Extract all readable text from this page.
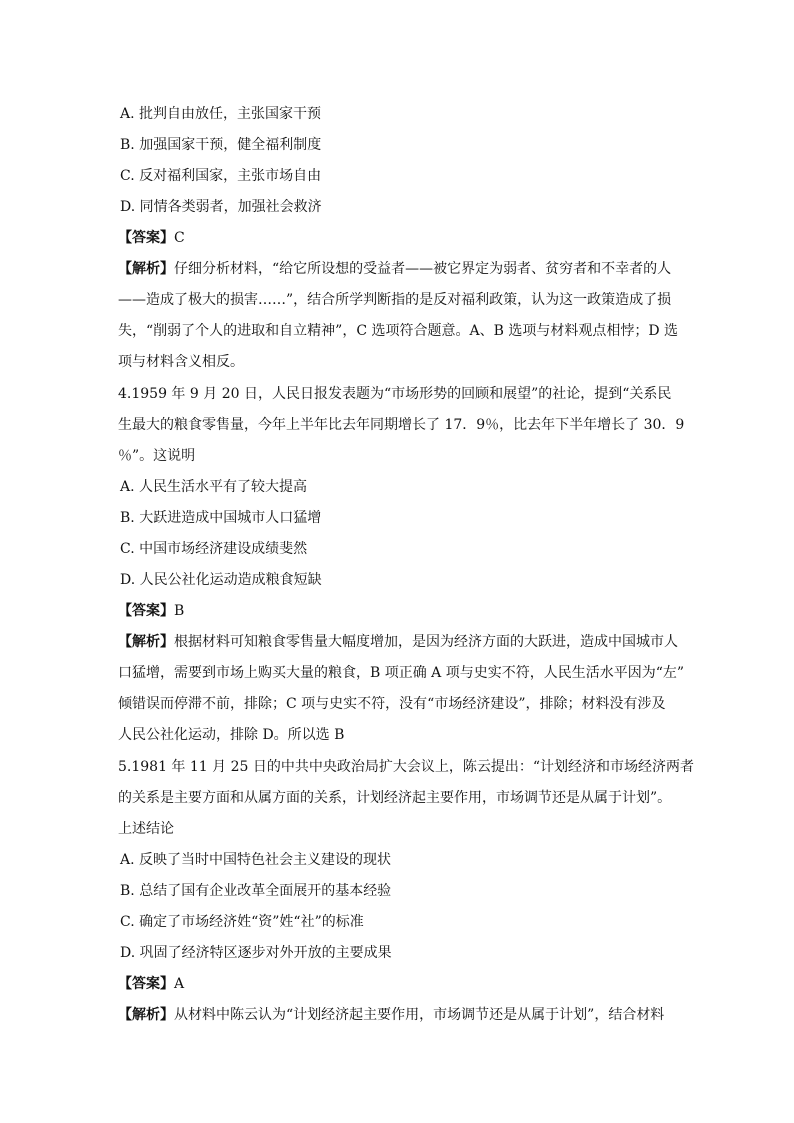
A. 批判自由放任，主张国家干预
B. 加强国家干预，健全福利制度
C. 反对福利国家，主张市场自由
D. 同情各类弱者，加强社会救济
【答案】C
【解析】仔细分析材料，“给它所设想的受益者——被它界定为弱者、贫穷者和不幸者的人
——造成了极大的损害……”，结合所学判断指的是反对福利政策，认为这一政策造成了损
失，“削弱了个人的进取和自立精神”，C 选项符合题意。A、B 选项与材料观点相悖；D 选
项与材料含义相反。
4.1959 年 9 月 20 日，人民日报发表题为“市场形势的回顾和展望”的社论，提到“关系民
生最大的粮食零售量，今年上半年比去年同期增长了 17．9％，比去年下半年增长了 30．9
％”。这说明
A. 人民生活水平有了较大提高
B. 大跃进造成中国城市人口猛增
C. 中国市场经济建设成绩斐然
D. 人民公社化运动造成粮食短缺
【答案】B
【解析】根据材料可知粮食零售量大幅度增加，是因为经济方面的大跃进，造成中国城市人
口猛增，需要到市场上购买大量的粮食，B 项正确 A 项与史实不符，人民生活水平因为“左”
倾错误而停滞不前，排除；C 项与史实不符，没有“市场经济建设”，排除；材料没有涉及
人民公社化运动，排除 D。所以选 B
5.1981 年 11 月 25 日的中共中央政治局扩大会议上，陈云提出：“计划经济和市场经济两者
的关系是主要方面和从属方面的关系，计划经济起主要作用，市场调节还是从属于计划”。
上述结论
A. 反映了当时中国特色社会主义建设的现状
B. 总结了国有企业改革全面展开的基本经验
C. 确定了市场经济姓“资”姓“社”的标准
D. 巩固了经济特区逐步对外开放的主要成果
【答案】A
【解析】从材料中陈云认为“计划经济起主要作用，市场调节还是从属于计划”，结合材料
